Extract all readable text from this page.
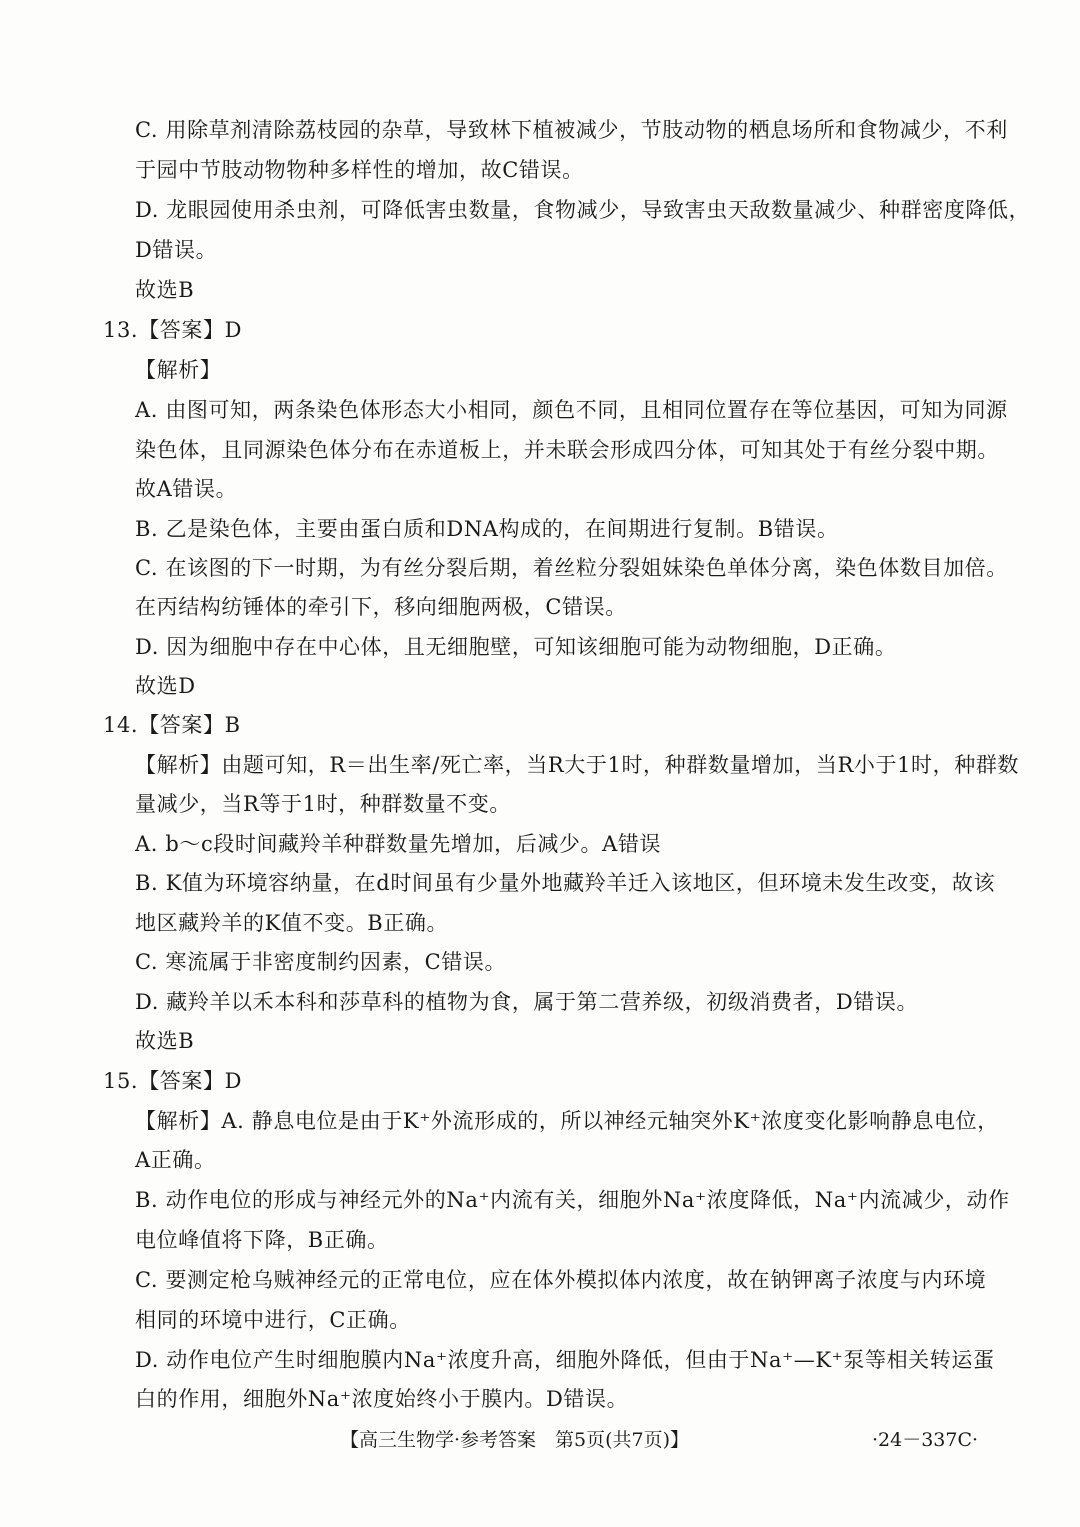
C. 用除草剂清除荔枝园的杂草，导致林下植被减少，节肢动物的栖息场所和食物减少，不利
于园中节肢动物物种多样性的增加，故C错误。
D. 龙眼园使用杀虫剂，可降低害虫数量，食物减少，导致害虫天敌数量减少、种群密度降低，
D错误。
故选B
13.【答案】D
【解析】
A. 由图可知，两条染色体形态大小相同，颜色不同，且相同位置存在等位基因，可知为同源
染色体，且同源染色体分布在赤道板上，并未联会形成四分体，可知其处于有丝分裂中期。
故A错误。
B. 乙是染色体，主要由蛋白质和DNA构成的，在间期进行复制。B错误。
C. 在该图的下一时期，为有丝分裂后期，着丝粒分裂姐妹染色单体分离，染色体数目加倍。
在丙结构纺锤体的牵引下，移向细胞两极，C错误。
D. 因为细胞中存在中心体，且无细胞壁，可知该细胞可能为动物细胞，D正确。
故选D
14.【答案】B
【解析】由题可知，R＝出生率/死亡率，当R大于1时，种群数量增加，当R小于1时，种群数
量减少，当R等于1时，种群数量不变。
A. b～c段时间藏羚羊种群数量先增加，后减少。A错误
B. K值为环境容纳量，在d时间虽有少量外地藏羚羊迁入该地区，但环境未发生改变，故该
地区藏羚羊的K值不变。B正确。
C. 寒流属于非密度制约因素，C错误。
D. 藏羚羊以禾本科和莎草科的植物为食，属于第二营养级，初级消费者，D错误。
故选B
15.【答案】D
【解析】A. 静息电位是由于K⁺外流形成的，所以神经元轴突外K⁺浓度变化影响静息电位，
A正确。
B. 动作电位的形成与神经元外的Na⁺内流有关，细胞外Na⁺浓度降低，Na⁺内流减少，动作
电位峰值将下降，B正确。
C. 要测定枪乌贼神经元的正常电位，应在体外模拟体内浓度，故在钠钾离子浓度与内环境
相同的环境中进行，C正确。
D. 动作电位产生时细胞膜内Na⁺浓度升高，细胞外降低，但由于Na⁺—K⁺泵等相关转运蛋
白的作用，细胞外Na⁺浓度始终小于膜内。D错误。
【高三生物学·参考答案　第5页(共7页)】	·24－337C·
